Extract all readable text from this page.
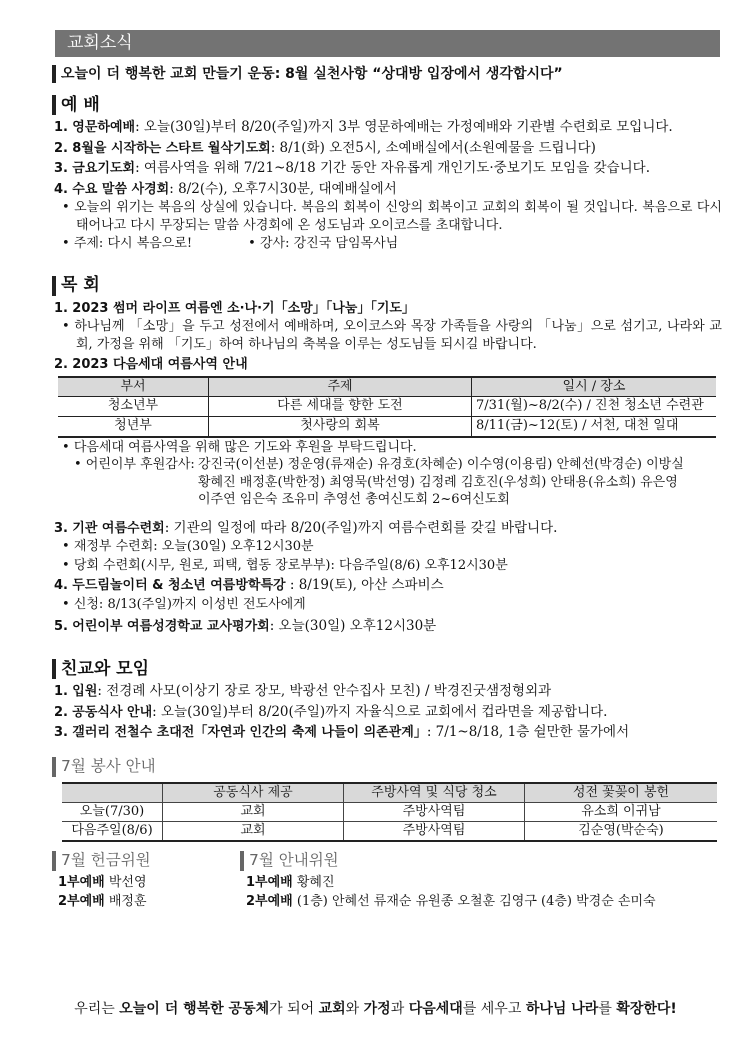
교회소식
오늘이 더 행복한 교회 만들기 운동: 8월 실천사항 “상대방 입장에서 생각합시다”
예 배
1. 영문하예배: 오늘(30일)부터 8/20(주일)까지 3부 영문하예배는 가정예배와 기관별 수련회로 모입니다.
2. 8월을 시작하는 스타트 월삭기도회: 8/1(화) 오전5시, 소예배실에서(소원예물을 드립니다)
3. 금요기도회: 여름사역을 위해 7/21~8/18 기간 동안 자유롭게 개인기도·중보기도 모임을 갖습니다.
4. 수요 말씀 사경회: 8/2(수), 오후7시30분, 대예배실에서
• 오늘의 위기는 복음의 상실에 있습니다. 복음의 회복이 신앙의 회복이고 교회의 회복이 될 것입니다. 복음으로 다시 태어나고 다시 무장되는 말씀 사경회에 온 성도님과 오이코스를 초대합니다.
• 주제: 다시 복음으로!	• 강사: 강진국 담임목사님
목 회
1. 2023 썸머 라이프 여름엔 소·나·기「소망」「나눔」「기도」
• 하나님께 「소망」을 두고 성전에서 예배하며, 오이코스와 목장 가족들을 사랑의 「나눔」으로 섬기고, 나라와 교회, 가정을 위해 「기도」하여 하나님의 축복을 이루는 성도님들 되시길 바랍니다.
2. 2023 다음세대 여름사역 안내
부서	주제	일시 / 장소
청소년부	다른 세대를 향한 도전	7/31(월)~8/2(수) / 진천 청소년 수련관
청년부	첫사랑의 회복	8/11(금)~12(토) / 서천, 대천 일대
• 다음세대 여름사역을 위해 많은 기도와 후원을 부탁드립니다.
• 어린이부 후원감사: 강진국(이선분) 정운영(류재순) 유경호(차혜순) 이수영(이용림) 안혜선(박경순) 이방실
황혜진 배정훈(박한정) 최영묵(박선영) 김정례 김호진(우성희) 안태용(유소희) 유은영
이주연 임은숙 조유미 추영선 총여신도회 2~6여신도회
3. 기관 여름수련회: 기관의 일정에 따라 8/20(주일)까지 여름수련회를 갖길 바랍니다.
• 재정부 수련회: 오늘(30일) 오후12시30분
• 당회 수련회(시무, 원로, 피택, 협동 장로부부): 다음주일(8/6) 오후12시30분
4. 두드림놀이터 & 청소년 여름방학특강 : 8/19(토), 아산 스파비스
• 신청: 8/13(주일)까지 이성빈 전도사에게
5. 어린이부 여름성경학교 교사평가회: 오늘(30일) 오후12시30분
친교와 모임
1. 입원: 전경례 사모(이상기 장로 장모, 박광선 안수집사 모친) / 박경진굿샘정형외과
2. 공동식사 안내: 오늘(30일)부터 8/20(주일)까지 자율식으로 교회에서 컵라면을 제공합니다.
3. 갤러리 전철수 초대전「자연과 인간의 축제 나들이 의존관계」: 7/1~8/18, 1층 쉴만한 물가에서
7월 봉사 안내
	공동식사 제공	주방사역 및 식당 청소	성전 꽃꽂이 봉헌
오늘(7/30)	교회	주방사역팀	유소희 이귀남
다음주일(8/6)	교회	주방사역팀	김순영(박순숙)
7월 헌금위원
1부예배 박선영
2부예배 배정훈
7월 안내위원
1부예배 황혜진
2부예배 (1층) 안혜선 류재순 유원종 오철훈 김영구 (4층) 박경순 손미숙
우리는 오늘이 더 행복한 공동체가 되어 교회와 가정과 다음세대를 세우고 하나님 나라를 확장한다!
